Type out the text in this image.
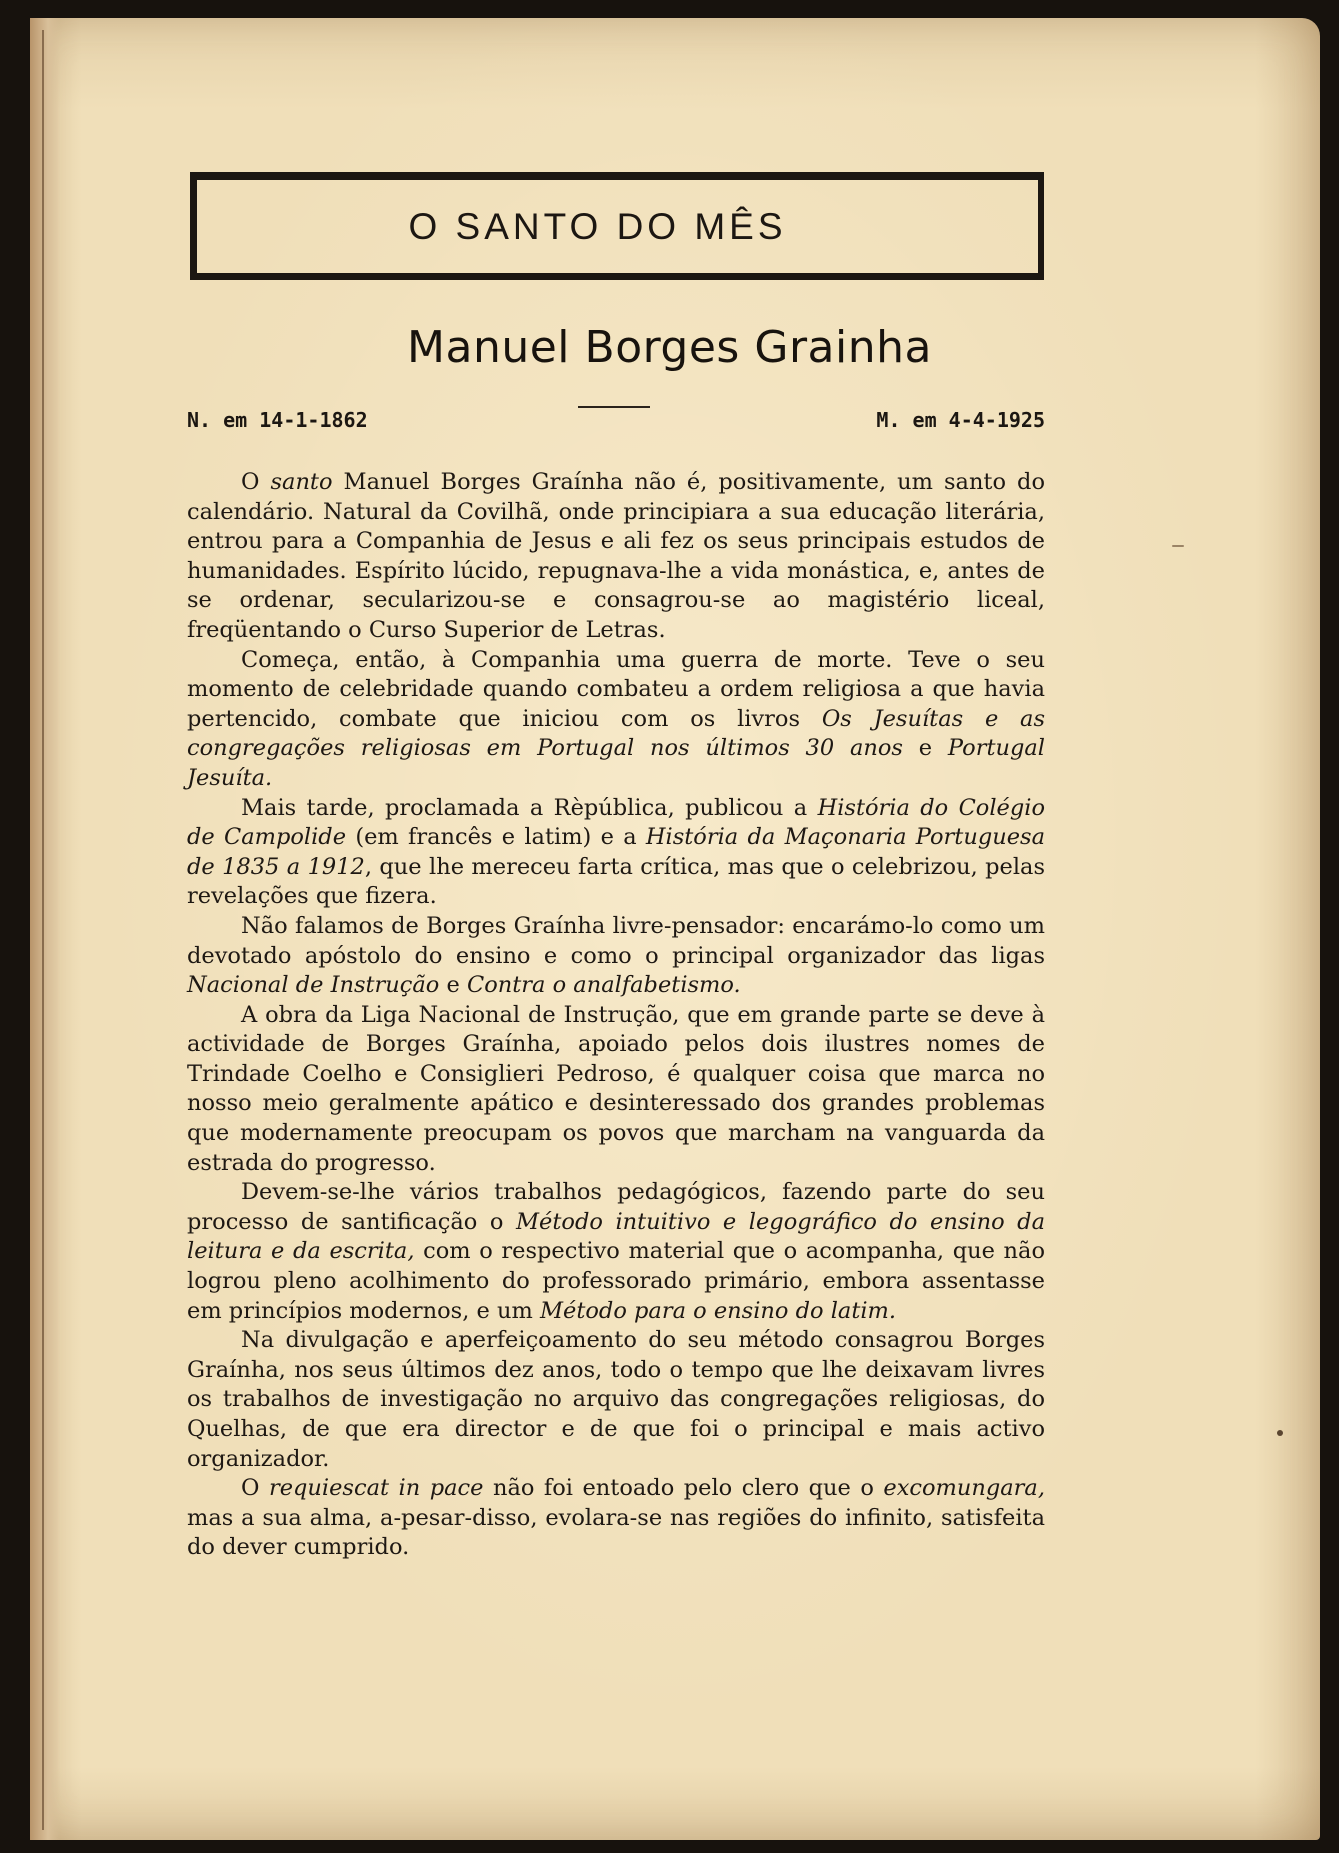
O SANTO DO MÊS
Manuel Borges Grainha
N. em 14-1-1862	M. em 4-4-1925

O santo Manuel Borges Graínha não é, positivamente, um santo do calendário. Natural da Covilhã, onde principiara a sua educação literária, entrou para a Companhia de Jesus e ali fez os seus principais estudos de humanidades. Espírito lúcido, repugnava-lhe a vida monástica, e, antes de se ordenar, secularizou-se e consagrou-se ao magistério liceal, freqüentando o Curso Superior de Letras.

Começa, então, à Companhia uma guerra de morte. Teve o seu momento de celebridade quando combateu a ordem religiosa a que havia pertencido, combate que iniciou com os livros Os Jesuítas e as congregações religiosas em Portugal nos últimos 30 anos e Portugal Jesuíta.

Mais tarde, proclamada a Rèpública, publicou a História do Colégio de Campolide (em francês e latim) e a História da Maçonaria Portuguesa de 1835 a 1912, que lhe mereceu farta crítica, mas que o celebrizou, pelas revelações que fizera.

Não falamos de Borges Graínha livre-pensador: encarámo-lo como um devotado apóstolo do ensino e como o principal organizador das ligas Nacional de Instrução e Contra o analfabetismo.

A obra da Liga Nacional de Instrução, que em grande parte se deve à actividade de Borges Graínha, apoiado pelos dois ilustres nomes de Trindade Coelho e Consiglieri Pedroso, é qualquer coisa que marca no nosso meio geralmente apático e desinteressado dos grandes problemas que modernamente preocupam os povos que marcham na vanguarda da estrada do progresso.

Devem-se-lhe vários trabalhos pedagógicos, fazendo parte do seu processo de santificação o Método intuitivo e legográfico do ensino da leitura e da escrita, com o respectivo material que o acompanha, que não logrou pleno acolhimento do professorado primário, embora assentasse em princípios modernos, e um Método para o ensino do latim.

Na divulgação e aperfeiçoamento do seu método consagrou Borges Graínha, nos seus últimos dez anos, todo o tempo que lhe deixavam livres os trabalhos de investigação no arquivo das congregações religiosas, do Quelhas, de que era director e de que foi o principal e mais activo organizador.

O requiescat in pace não foi entoado pelo clero que o excomungara, mas a sua alma, a-pesar-disso, evolara-se nas regiões do infinito, satisfeita do dever cumprido.
